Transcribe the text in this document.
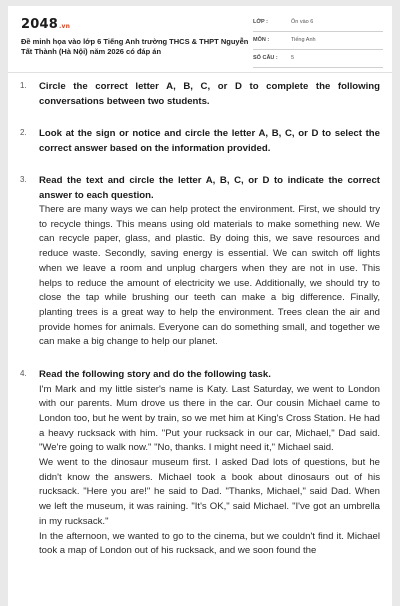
2048.vn
Đề minh họa vào lớp 6 Tiếng Anh trường THCS & THPT Nguyễn Tất Thành (Hà Nội) năm 2026 có đáp án
LỚP :	Ôn vào 6
MÔN :	Tiếng Anh
SỐ CÂU : 5
1. Circle the correct letter A, B, C, or D to complete the following conversations between two students.
2. Look at the sign or notice and circle the letter A, B, C, or D to select the correct answer based on the information provided.
3. Read the text and circle the letter A, B, C, or D to indicate the correct answer to each question.

There are many ways we can help protect the environment. First, we should try to recycle things. This means using old materials to make something new. We can recycle paper, glass, and plastic. By doing this, we save resources and reduce waste. Secondly, saving energy is essential. We can switch off lights when we leave a room and unplug chargers when they are not in use. This helps to reduce the amount of electricity we use. Additionally, we should try to close the tap while brushing our teeth can make a big difference. Finally, planting trees is a great way to help the environment. Trees clean the air and provide homes for animals. Everyone can do something small, and together we can make a big change to help our planet.

4. Read the following story and do the following task.

I'm Mark and my little sister's name is Katy. Last Saturday, we went to London with our parents. Mum drove us there in the car. Our cousin Michael came to London too, but he went by train, so we met him at King's Cross Station. He had a heavy rucksack with him. "Put your rucksack in our car, Michael," Dad said. "We're going to walk now." "No, thanks. I might need it," Michael said.

We went to the dinosaur museum first. I asked Dad lots of questions, but he didn't know the answers. Michael took a book about dinosaurs out of his rucksack. "Here you are!" he said to Dad. "Thanks, Michael," said Dad. When we left the museum, it was raining. "It's OK," said Michael. "I've got an umbrella in my rucksack."

In the afternoon, we wanted to go to the cinema, but we couldn't find it. Michael took a map of London out of his rucksack, and we soon found the
